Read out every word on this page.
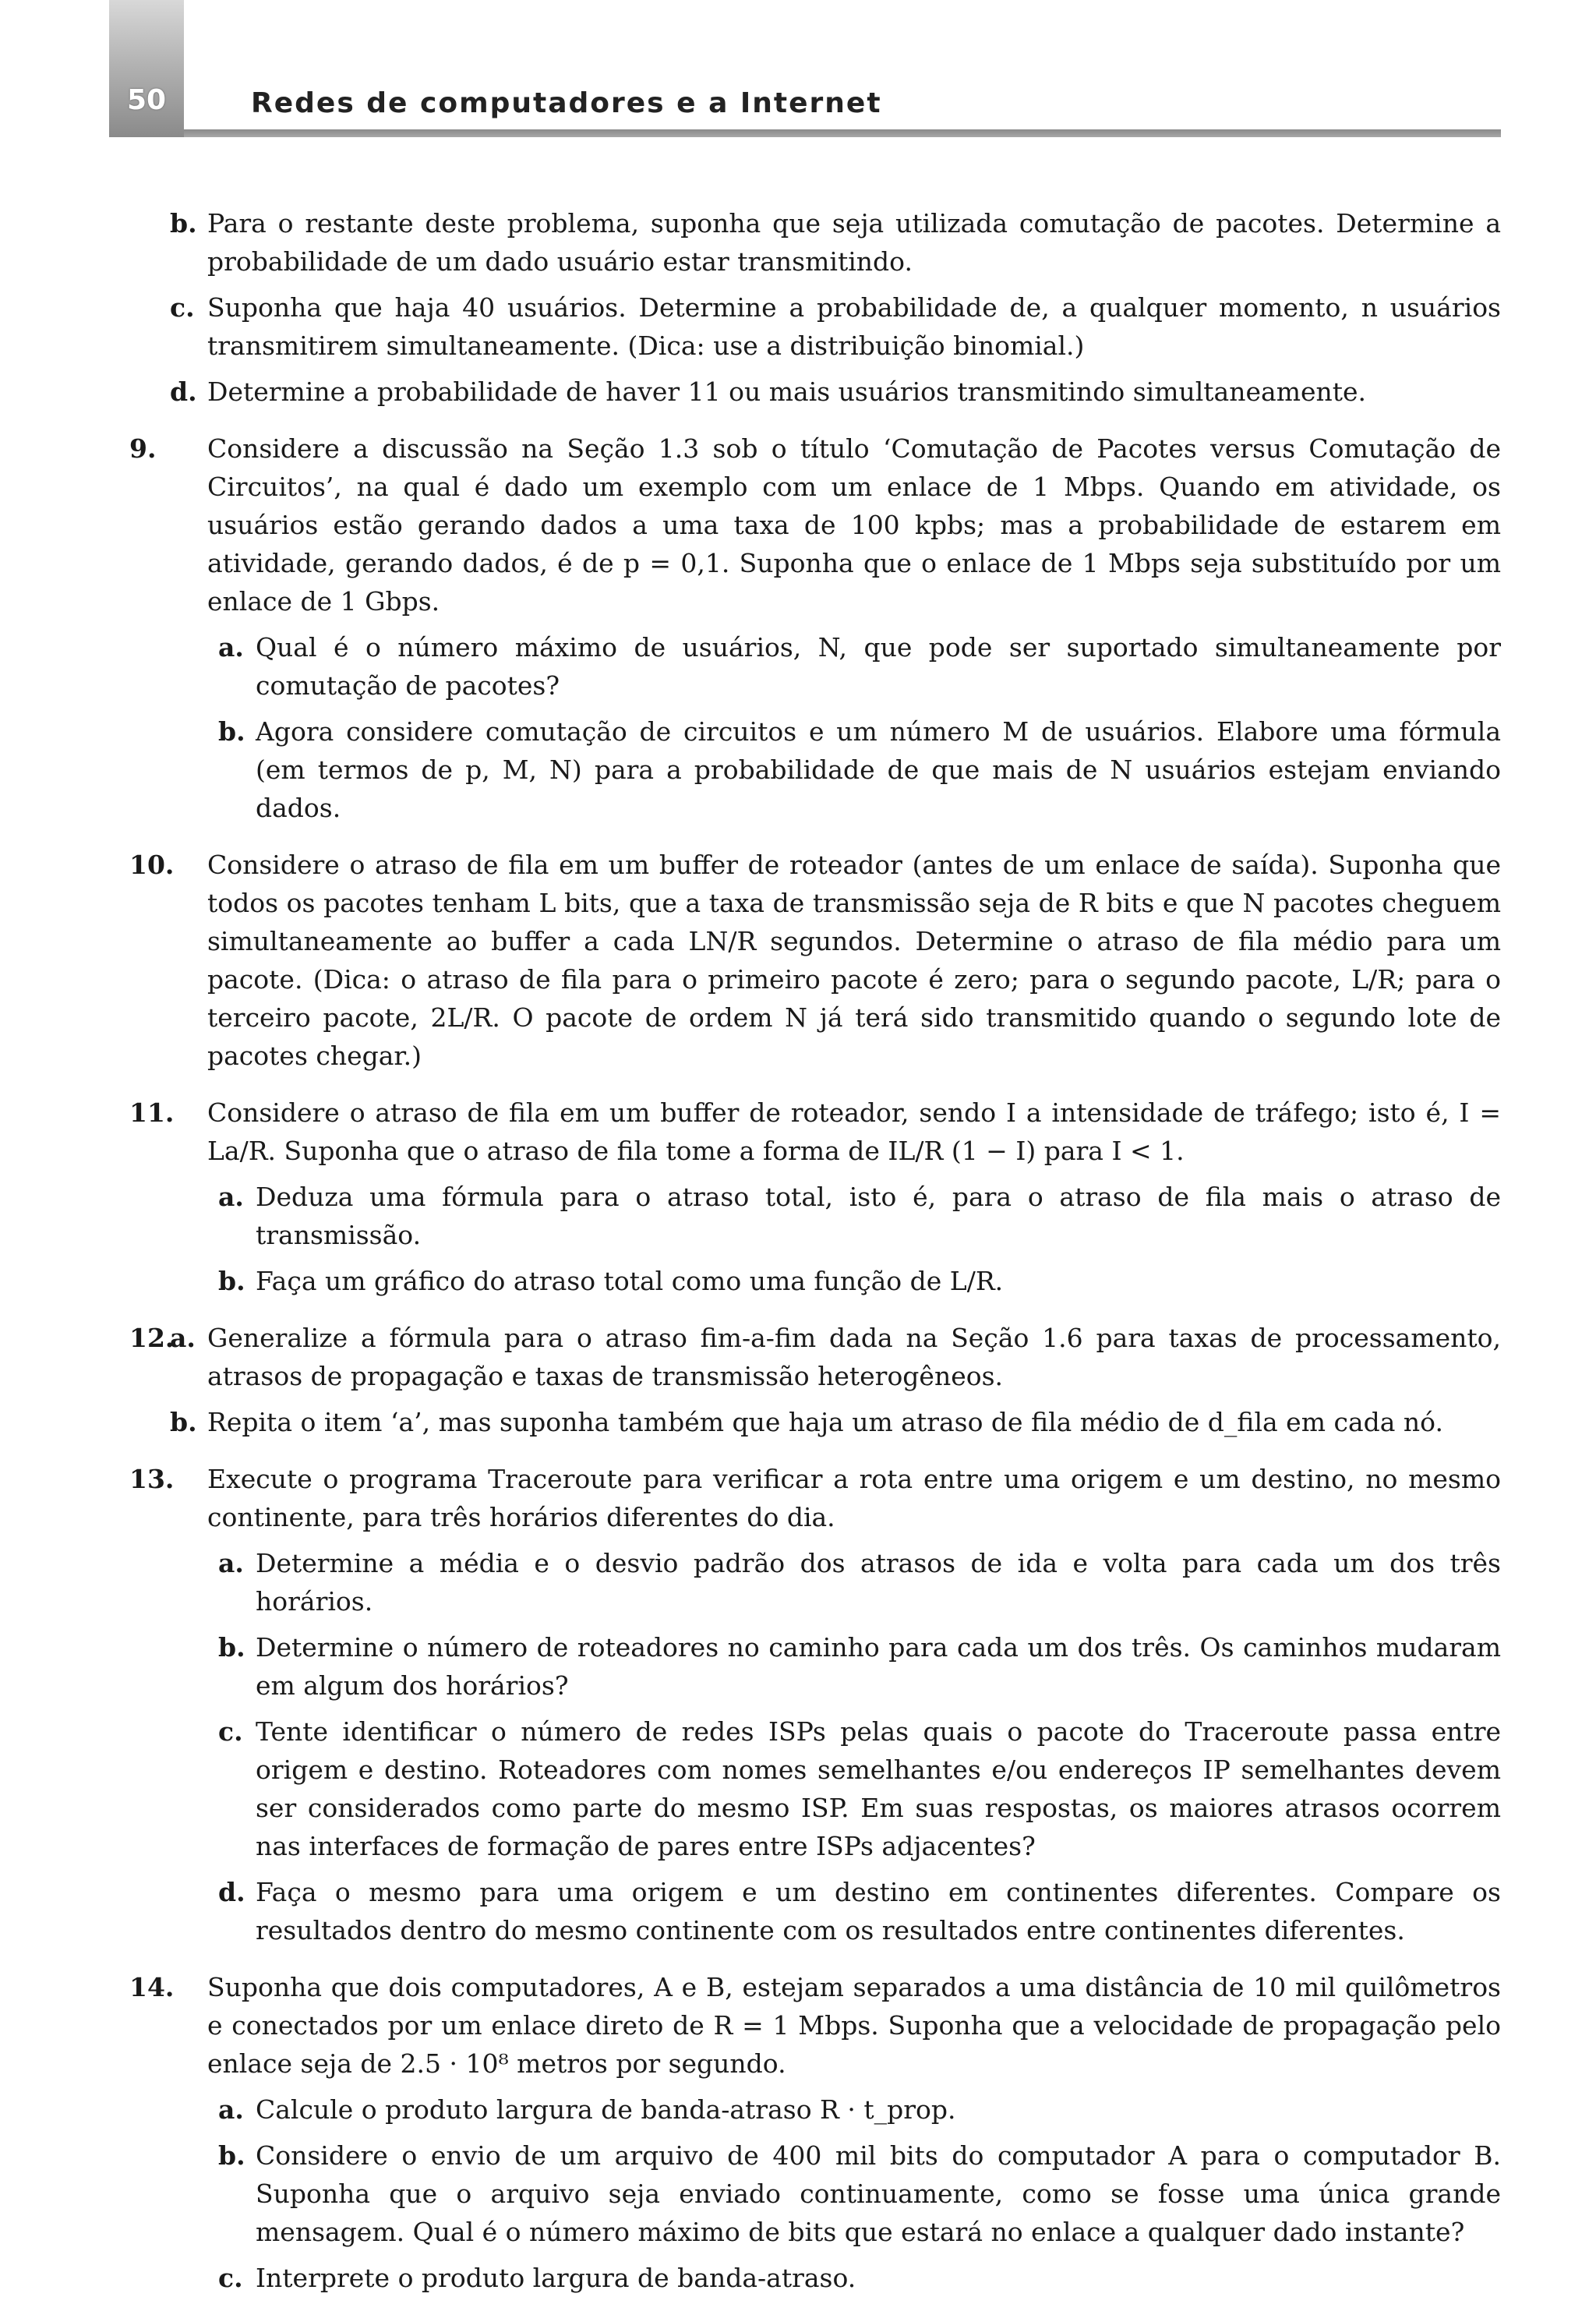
50	Redes de computadores e a Internet
b. Para o restante deste problema, suponha que seja utilizada comutação de pacotes. Determine a probabilidade de um dado usuário estar transmitindo.
c. Suponha que haja 40 usuários. Determine a probabilidade de, a qualquer momento, n usuários transmitirem simultaneamente. (Dica: use a distribuição binomial.)
d. Determine a probabilidade de haver 11 ou mais usuários transmitindo simultaneamente.
9. Considere a discussão na Seção 1.3 sob o título ‘Comutação de Pacotes versus Comutação de Circuitos’, na qual é dado um exemplo com um enlace de 1 Mbps. Quando em atividade, os usuários estão gerando dados a uma taxa de 100 kpbs; mas a probabilidade de estarem em atividade, gerando dados, é de p = 0,1. Suponha que o enlace de 1 Mbps seja substituído por um enlace de 1 Gbps.
a. Qual é o número máximo de usuários, N, que pode ser suportado simultaneamente por comutação de pacotes?
b. Agora considere comutação de circuitos e um número M de usuários. Elabore uma fórmula (em termos de p, M, N) para a probabilidade de que mais de N usuários estejam enviando dados.
10. Considere o atraso de fila em um buffer de roteador (antes de um enlace de saída). Suponha que todos os pacotes tenham L bits, que a taxa de transmissão seja de R bits e que N pacotes cheguem simultaneamente ao buffer a cada LN/R segundos. Determine o atraso de fila médio para um pacote. (Dica: o atraso de fila para o primeiro pacote é zero; para o segundo pacote, L/R; para o terceiro pacote, 2L/R. O pacote de ordem N já terá sido transmitido quando o segundo lote de pacotes chegar.)
11. Considere o atraso de fila em um buffer de roteador, sendo I a intensidade de tráfego; isto é, I = La/R. Suponha que o atraso de fila tome a forma de IL/R (1 − I) para I < 1.
a. Deduza uma fórmula para o atraso total, isto é, para o atraso de fila mais o atraso de transmissão.
b. Faça um gráfico do atraso total como uma função de L/R.
12.
a. Generalize a fórmula para o atraso fim-a-fim dada na Seção 1.6 para taxas de processamento, atrasos de propagação e taxas de transmissão heterogêneos.
b. Repita o item ‘a’, mas suponha também que haja um atraso de fila médio de d_fila em cada nó.
13. Execute o programa Traceroute para verificar a rota entre uma origem e um destino, no mesmo continente, para três horários diferentes do dia.
a. Determine a média e o desvio padrão dos atrasos de ida e volta para cada um dos três horários.
b. Determine o número de roteadores no caminho para cada um dos três. Os caminhos mudaram em algum dos horários?
c. Tente identificar o número de redes ISPs pelas quais o pacote do Traceroute passa entre origem e destino. Roteadores com nomes semelhantes e/ou endereços IP semelhantes devem ser considerados como parte do mesmo ISP. Em suas respostas, os maiores atrasos ocorrem nas interfaces de formação de pares entre ISPs adjacentes?
d. Faça o mesmo para uma origem e um destino em continentes diferentes. Compare os resultados dentro do mesmo continente com os resultados entre continentes diferentes.
14. Suponha que dois computadores, A e B, estejam separados a uma distância de 10 mil quilômetros e conectados por um enlace direto de R = 1 Mbps. Suponha que a velocidade de propagação pelo enlace seja de 2.5 · 10⁸ metros por segundo.
a. Calcule o produto largura de banda-atraso R · t_prop.
b. Considere o envio de um arquivo de 400 mil bits do computador A para o computador B. Suponha que o arquivo seja enviado continuamente, como se fosse uma única grande mensagem. Qual é o número máximo de bits que estará no enlace a qualquer dado instante?
c. Interprete o produto largura de banda-atraso.
